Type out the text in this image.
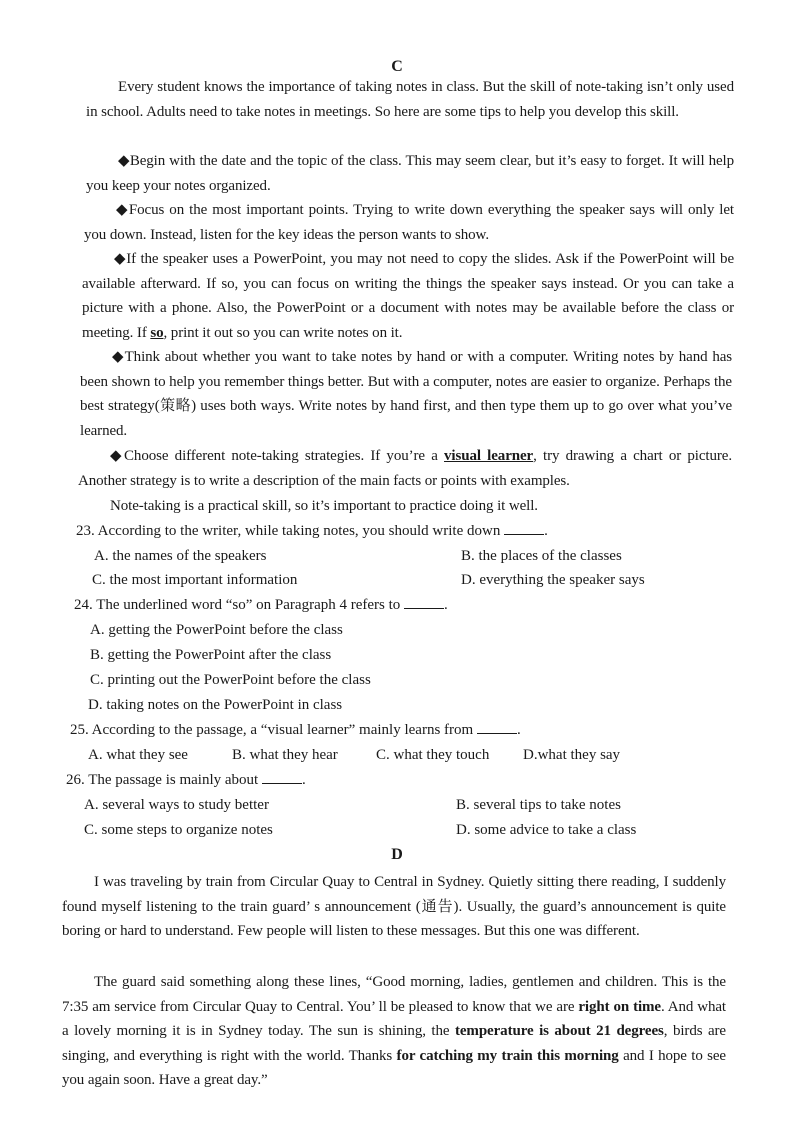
C

Every student knows the importance of taking notes in class. But the skill of note-taking isn’t only used in school. Adults need to take notes in meetings. So here are some tips to help you develop this skill.

◆Begin with the date and the topic of the class. This may seem clear, but it’s easy to forget. It will help you keep your notes organized.

◆Focus on the most important points. Trying to write down everything the speaker says will only let you down. Instead, listen for the key ideas the person wants to show.

◆If the speaker uses a PowerPoint, you may not need to copy the slides. Ask if the PowerPoint will be available afterward. If so, you can focus on writing the things the speaker says instead. Or you can take a picture with a phone. Also, the PowerPoint or a document with notes may be available before the class or meeting. If so, print it out so you can write notes on it.

◆Think about whether you want to take notes by hand or with a computer. Writing notes by hand has been shown to help you remember things better. But with a computer, notes are easier to organize. Perhaps the best strategy(策略) uses both ways. Write notes by hand first, and then type them up to go over what you’ve learned.

◆Choose different note-taking strategies. If you’re a visual learner, try drawing a chart or picture. Another strategy is to write a description of the main facts or points with examples.

Note-taking is a practical skill, so it’s important to practice doing it well.

23. According to the writer, while taking notes, you should write down	.
A. the names of the speakers	B. the places of the classes
C. the most important information	D. everything the speaker says
24. The underlined word “so” on Paragraph 4 refers to	.
A. getting the PowerPoint before the class
B. getting the PowerPoint after the class
C. printing out the PowerPoint before the class
D. taking notes on the PowerPoint in class
25. According to the passage, a “visual learner” mainly learns from	.
A. what they see	B. what they hear	C. what they touch D.what they say
26. The passage is mainly about	.
A. several ways to study better	B. several tips to take notes
C. some steps to organize notes	D. some advice to take a class
D

I was traveling by train from Circular Quay to Central in Sydney. Quietly sitting there reading, I suddenly found myself listening to the train guard’ s announcement (通告). Usually, the guard’s announcement is quite boring or hard to understand. Few people will listen to these messages. But this one was different.

The guard said something along these lines, “Good morning, ladies, gentlemen and children. This is the 7:35 am service from Circular Quay to Central. You’ ll be pleased to know that we are right on time. And what a lovely morning it is in Sydney today. The sun is shining, the temperature is about 21 degrees, birds are singing, and everything is right with the world. Thanks for catching my train this morning and I hope to see you again soon. Have a great day.”
